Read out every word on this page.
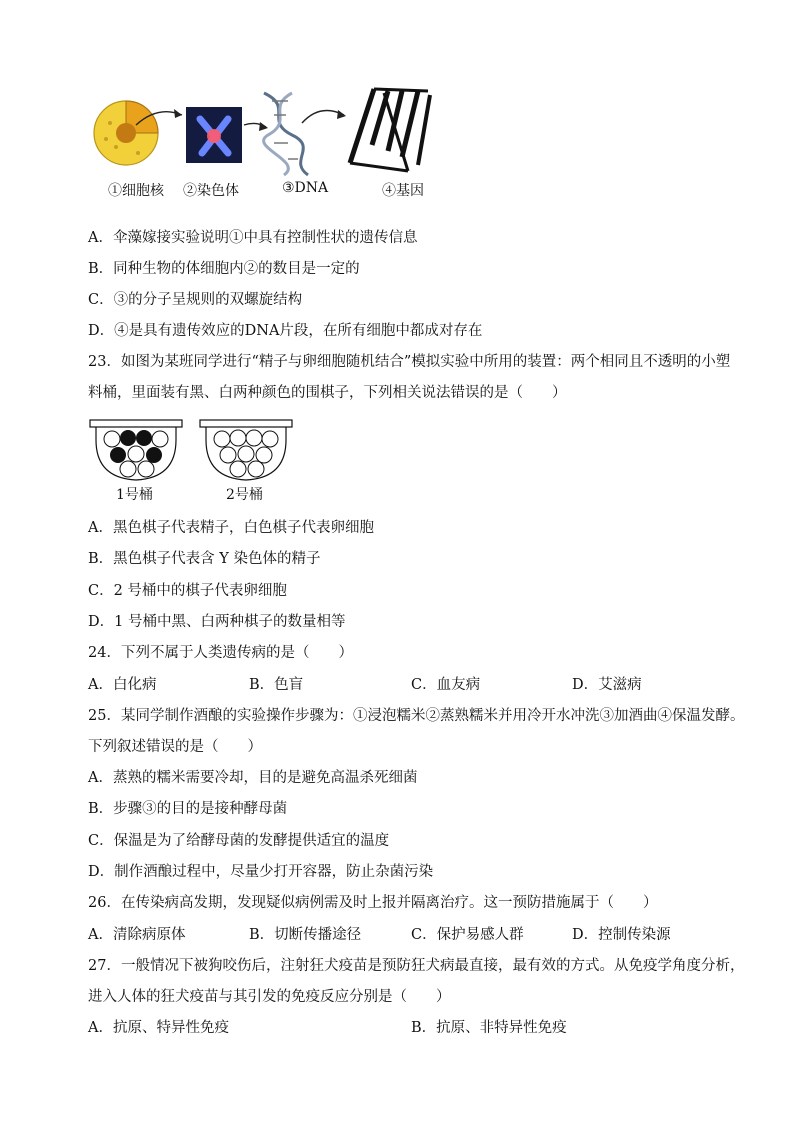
①细胞核 ②染色体	③DNA	④基因
A．伞藻嫁接实验说明①中具有控制性状的遗传信息
B．同种生物的体细胞内②的数目是一定的
C．③的分子呈规则的双螺旋结构
D．④是具有遗传效应的DNA片段，在所有细胞中都成对存在
23．如图为某班同学进行“精子与卵细胞随机结合”模拟实验中所用的装置：两个相同且不透明的小塑
料桶，里面装有黑、白两种颜色的围棋子，下列相关说法错误的是（　　）
1号桶	2号桶
A．黑色棋子代表精子，白色棋子代表卵细胞
B．黑色棋子代表含 Y 染色体的精子
C．2 号桶中的棋子代表卵细胞
D．1 号桶中黑、白两种棋子的数量相等
24．下列不属于人类遗传病的是（　　）
A．白化病	B．色盲	C．血友病	D．艾滋病
25．某同学制作酒酿的实验操作步骤为：①浸泡糯米②蒸熟糯米并用冷开水冲洗③加酒曲④保温发酵。
下列叙述错误的是（　　）
A．蒸熟的糯米需要冷却，目的是避免高温杀死细菌
B．步骤③的目的是接种酵母菌
C．保温是为了给酵母菌的发酵提供适宜的温度
D．制作酒酿过程中，尽量少打开容器，防止杂菌污染
26．在传染病高发期，发现疑似病例需及时上报并隔离治疗。这一预防措施属于（　　）
A．清除病原体	B．切断传播途径	C．保护易感人群	D．控制传染源
27．一般情况下被狗咬伤后，注射狂犬疫苗是预防狂犬病最直接，最有效的方式。从免疫学角度分析，
进入人体的狂犬疫苗与其引发的免疫反应分别是（　　）
A．抗原、特异性免疫	B．抗原、非特异性免疫
